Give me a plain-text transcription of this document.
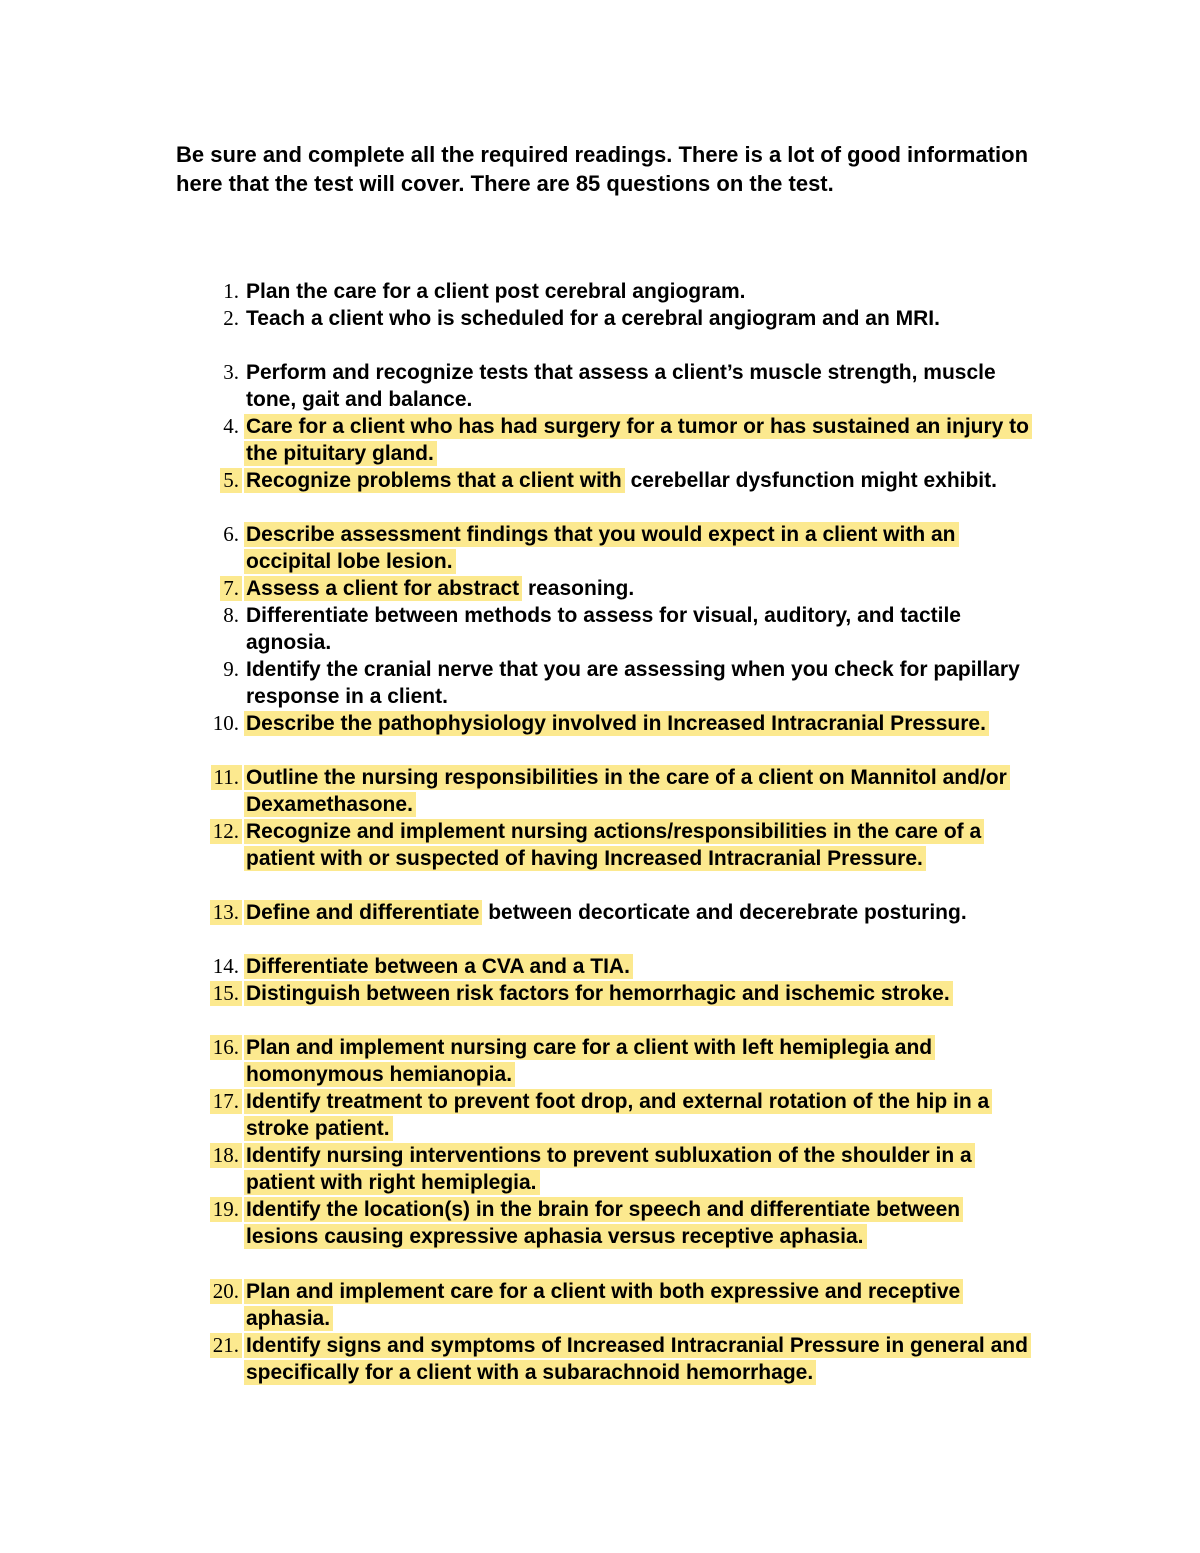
Be sure and complete all the required readings. There is a lot of good information here that the test will cover. There are 85 questions on the test.

1. Plan the care for a client post cerebral angiogram.
2. Teach a client who is scheduled for a cerebral angiogram and an MRI.
3. Perform and recognize tests that assess a client’s muscle strength, muscle tone, gait and balance.
4. Care for a client who has had surgery for a tumor or has sustained an injury to the pituitary gland.
5. Recognize problems that a client with cerebellar dysfunction might exhibit.
6. Describe assessment findings that you would expect in a client with an occipital lobe lesion.
7. Assess a client for abstract reasoning.
8. Differentiate between methods to assess for visual, auditory, and tactile agnosia.
9. Identify the cranial nerve that you are assessing when you check for papillary response in a client.
10. Describe the pathophysiology involved in Increased Intracranial Pressure.
11. Outline the nursing responsibilities in the care of a client on Mannitol and/or Dexamethasone.
12. Recognize and implement nursing actions/responsibilities in the care of a patient with or suspected of having Increased Intracranial Pressure.
13. Define and differentiate between decorticate and decerebrate posturing.
14. Differentiate between a CVA and a TIA.
15. Distinguish between risk factors for hemorrhagic and ischemic stroke.
16. Plan and implement nursing care for a client with left hemiplegia and homonymous hemianopia.
17. Identify treatment to prevent foot drop, and external rotation of the hip in a stroke patient.
18. Identify nursing interventions to prevent subluxation of the shoulder in a patient with right hemiplegia.
19. Identify the location(s) in the brain for speech and differentiate between lesions causing expressive aphasia versus receptive aphasia.
20. Plan and implement care for a client with both expressive and receptive aphasia.
21. Identify signs and symptoms of Increased Intracranial Pressure in general and specifically for a client with a subarachnoid hemorrhage.
